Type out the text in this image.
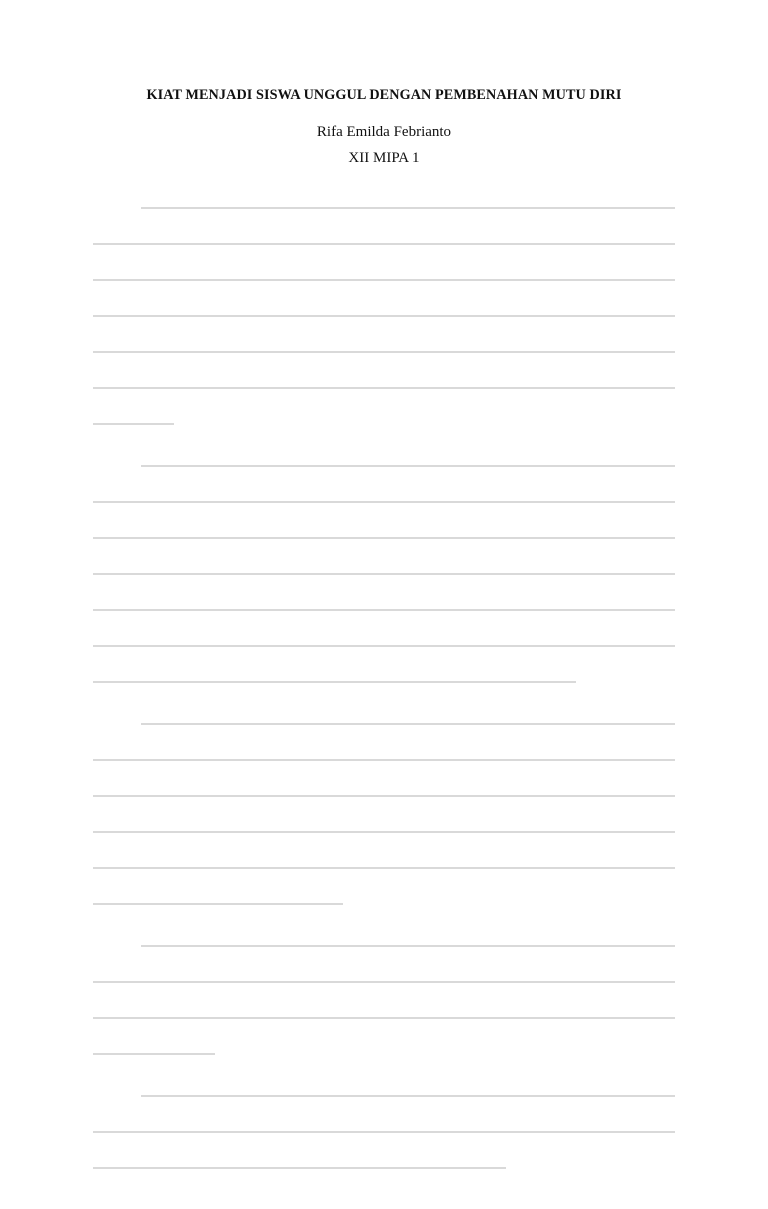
KIAT MENJADI SISWA UNGGUL DENGAN PEMBENAHAN MUTU DIRI
Rifa Emilda Febrianto
XII MIPA 1
